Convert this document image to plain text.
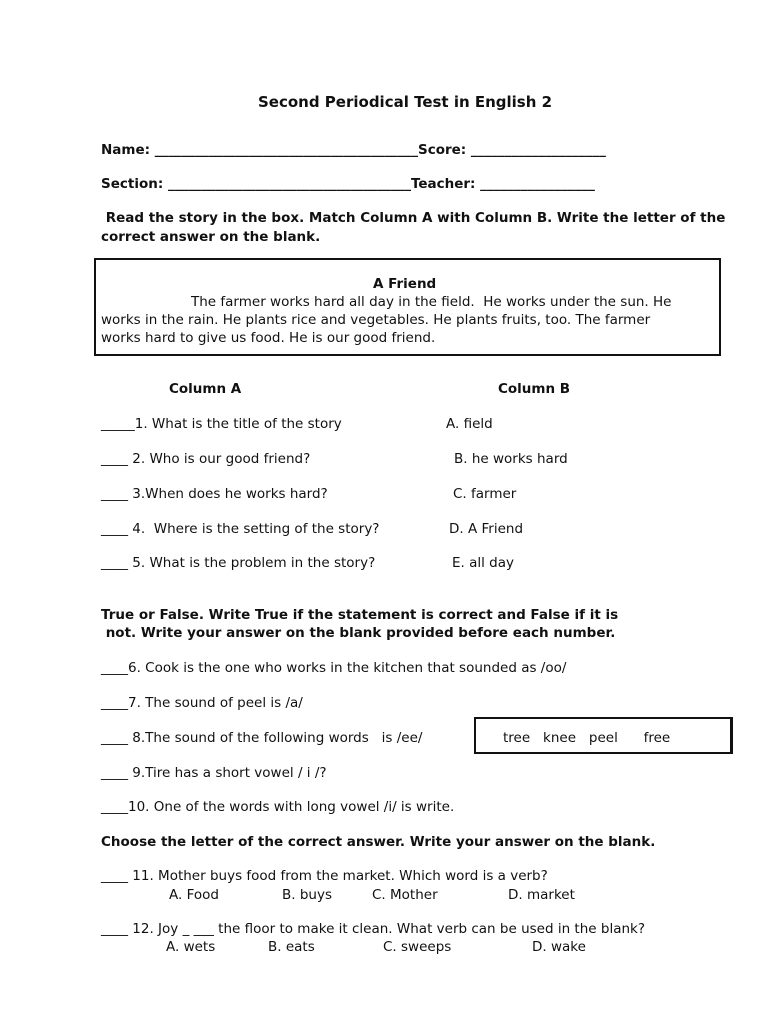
Second Periodical Test in English 2
Name: _______________________________________Score: ____________________
Section: ____________________________________Teacher: _________________
Read the story in the box. Match Column A with Column B. Write the letter of the
correct answer on the blank.
A Friend
The farmer works hard all day in the field.  He works under the sun. He
works in the rain. He plants rice and vegetables. He plants fruits, too. The farmer
works hard to give us food. He is our good friend.
Column A	Column B
_____1. What is the title of the story	A. field
____ 2. Who is our good friend?	B. he works hard
____ 3.When does he works hard?	C. farmer
____ 4.  Where is the setting of the story?	D. A Friend
____ 5. What is the problem in the story?	E. all day
True or False. Write True if the statement is correct and False if it is
not. Write your answer on the blank provided before each number.
____6. Cook is the one who works in the kitchen that sounded as /oo/
____7. The sound of peel is /a/
____ 8.The sound of the following words   is /ee/	tree   knee   peel      free
____ 9.Tire has a short vowel / i /?
____10. One of the words with long vowel /i/ is write.
Choose the letter of the correct answer. Write your answer on the blank.
____ 11. Mother buys food from the market. Which word is a verb?
A. Food	B. buys	C. Mother	D. market
____ 12. Joy _ ___ the floor to make it clean. What verb can be used in the blank?
A. wets	B. eats	C. sweeps	D. wake
